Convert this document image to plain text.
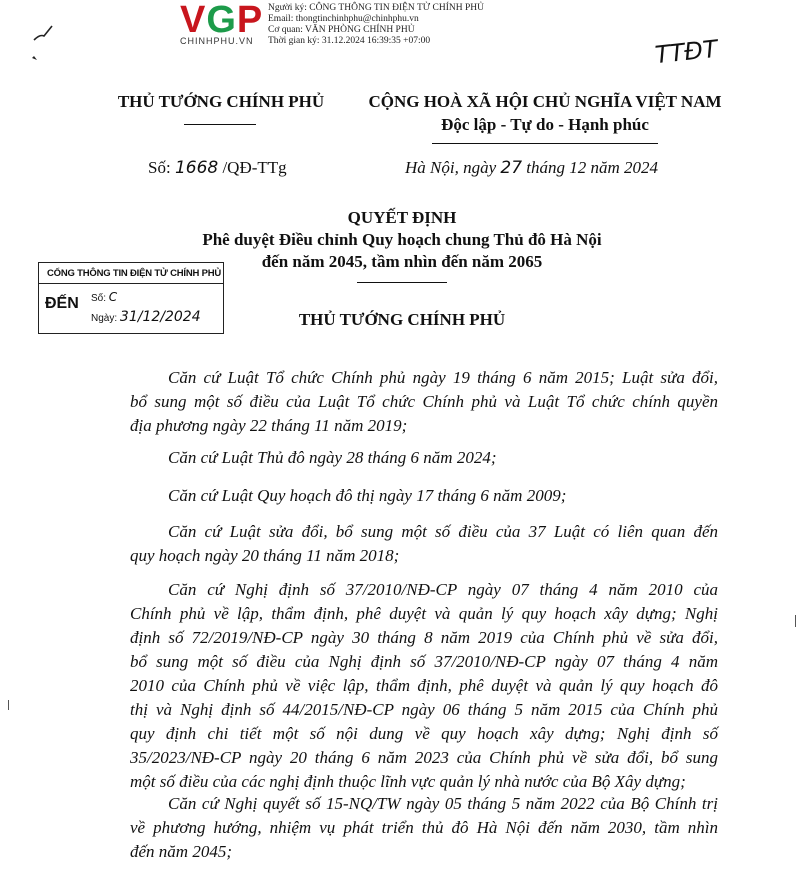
VGP
CHINHPHU.VN
Người ký: CÔNG THÔNG TIN ĐIỆN TỬ CHÍNH PHỦ
Email: thongtinchinhphu@chinhphu.vn
Cơ quan: VĂN PHÒNG CHÍNH PHỦ
Thời gian ký: 31.12.2024 16:39:35 +07:00	TTĐT
THỦ TƯỚNG CHÍNH PHỦ	CỘNG HOÀ XÃ HỘI CHỦ NGHĨA VIỆT NAM
Độc lập - Tự do - Hạnh phúc
Số: 1668 /QĐ-TTg	Hà Nội, ngày 27 tháng 12 năm 2024
QUYẾT ĐỊNH
Phê duyệt Điều chỉnh Quy hoạch chung Thủ đô Hà Nội
đến năm 2045, tầm nhìn đến năm 2065
CỔNG THÔNG TIN ĐIỆN TỬ CHÍNH PHỦ
ĐẾN Số: C
Ngày: 31/12/2024	THỦ TƯỚNG CHÍNH PHỦ
Căn cứ Luật Tổ chức Chính phủ ngày 19 tháng 6 năm 2015; Luật sửa đổi,
bổ sung một số điều của Luật Tổ chức Chính phủ và Luật Tổ chức chính quyền
địa phương ngày 22 tháng 11 năm 2019;
Căn cứ Luật Thủ đô ngày 28 tháng 6 năm 2024;
Căn cứ Luật Quy hoạch đô thị ngày 17 tháng 6 năm 2009;
Căn cứ Luật sửa đổi, bổ sung một số điều của 37 Luật có liên quan đến
quy hoạch ngày 20 tháng 11 năm 2018;
Căn cứ Nghị định số 37/2010/NĐ-CP ngày 07 tháng 4 năm 2010 của
Chính phủ về lập, thẩm định, phê duyệt và quản lý quy hoạch xây dựng; Nghị
định số 72/2019/NĐ-CP ngày 30 tháng 8 năm 2019 của Chính phủ về sửa đổi,
bổ sung một số điều của Nghị định số 37/2010/NĐ-CP ngày 07 tháng 4 năm
2010 của Chính phủ về việc lập, thẩm định, phê duyệt và quản lý quy hoạch đô
thị và Nghị định số 44/2015/NĐ-CP ngày 06 tháng 5 năm 2015 của Chính phủ
quy định chi tiết một số nội dung về quy hoạch xây dựng; Nghị định số
35/2023/NĐ-CP ngày 20 tháng 6 năm 2023 của Chính phủ về sửa đổi, bổ sung
một số điều của các nghị định thuộc lĩnh vực quản lý nhà nước của Bộ Xây dựng;
Căn cứ Nghị quyết số 15-NQ/TW ngày 05 tháng 5 năm 2022 của Bộ Chính trị
về phương hướng, nhiệm vụ phát triển thủ đô Hà Nội đến năm 2030, tầm nhìn
đến năm 2045;
